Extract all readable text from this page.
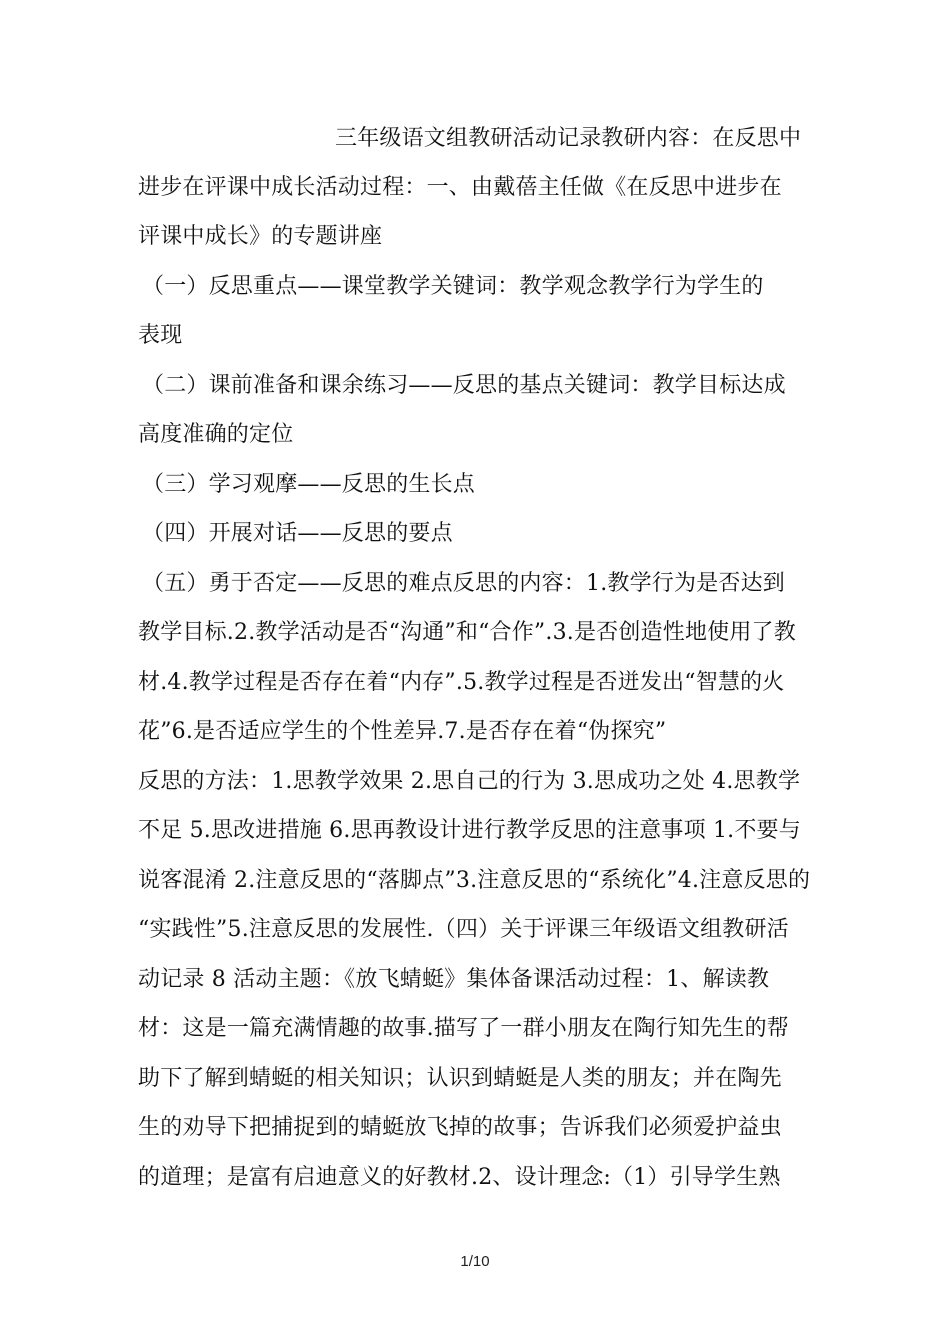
三年级语文组教研活动记录教研内容：在反思中
进步在评课中成长活动过程：一、由戴蓓主任做《在反思中进步在
评课中成长》的专题讲座
（一）反思重点——课堂教学关键词：教学观念教学行为学生的
表现
（二）课前准备和课余练习——反思的基点关键词：教学目标达成
高度准确的定位
（三）学习观摩——反思的生长点
（四）开展对话——反思的要点
（五）勇于否定——反思的难点反思的内容：1.教学行为是否达到
教学目标.2.教学活动是否“沟通”和“合作”.3.是否创造性地使用了教
材.4.教学过程是否存在着“内存”.5.教学过程是否迸发出“智慧的火
花”6.是否适应学生的个性差异.7.是否存在着“伪探究”
反思的方法：1.思教学效果 2.思自己的行为 3.思成功之处 4.思教学
不足 5.思改进措施 6.思再教设计进行教学反思的注意事项 1.不要与
说客混淆 2.注意反思的“落脚点”3.注意反思的“系统化”4.注意反思的
“实践性”5.注意反思的发展性.（四）关于评课三年级语文组教研活
动记录 8 活动主题：《放飞蜻蜓》集体备课活动过程：1、解读教
材：这是一篇充满情趣的故事.描写了一群小朋友在陶行知先生的帮
助下了解到蜻蜓的相关知识；认识到蜻蜓是人类的朋友；并在陶先
生的劝导下把捕捉到的蜻蜓放飞掉的故事；告诉我们必须爱护益虫
的道理；是富有启迪意义的好教材.2、设计理念:（1）引导学生熟
1/10
